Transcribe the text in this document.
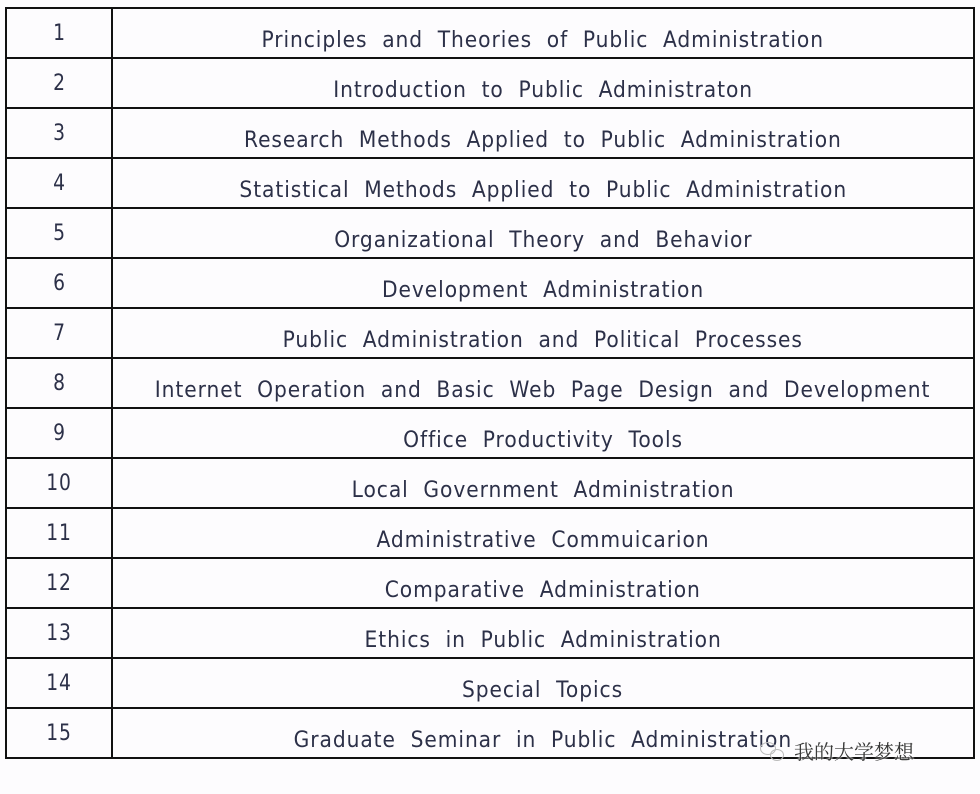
1	Principles and Theories of Public Administration
2	Introduction to Public Administraton
3	Research Methods Applied to Public Administration
4	Statistical Methods Applied to Public Administration
5	Organizational Theory and Behavior
6	Development Administration
7	Public Administration and Political Processes
8	Internet Operation and Basic Web Page Design and Development
9	Office Productivity Tools
10	Local Government Administration
11	Administrative Commuicarion
12	Comparative Administration
13	Ethics in Public Administration
14	Special Topics
15	Graduate Seminar in Public Administration 我的大学梦想
